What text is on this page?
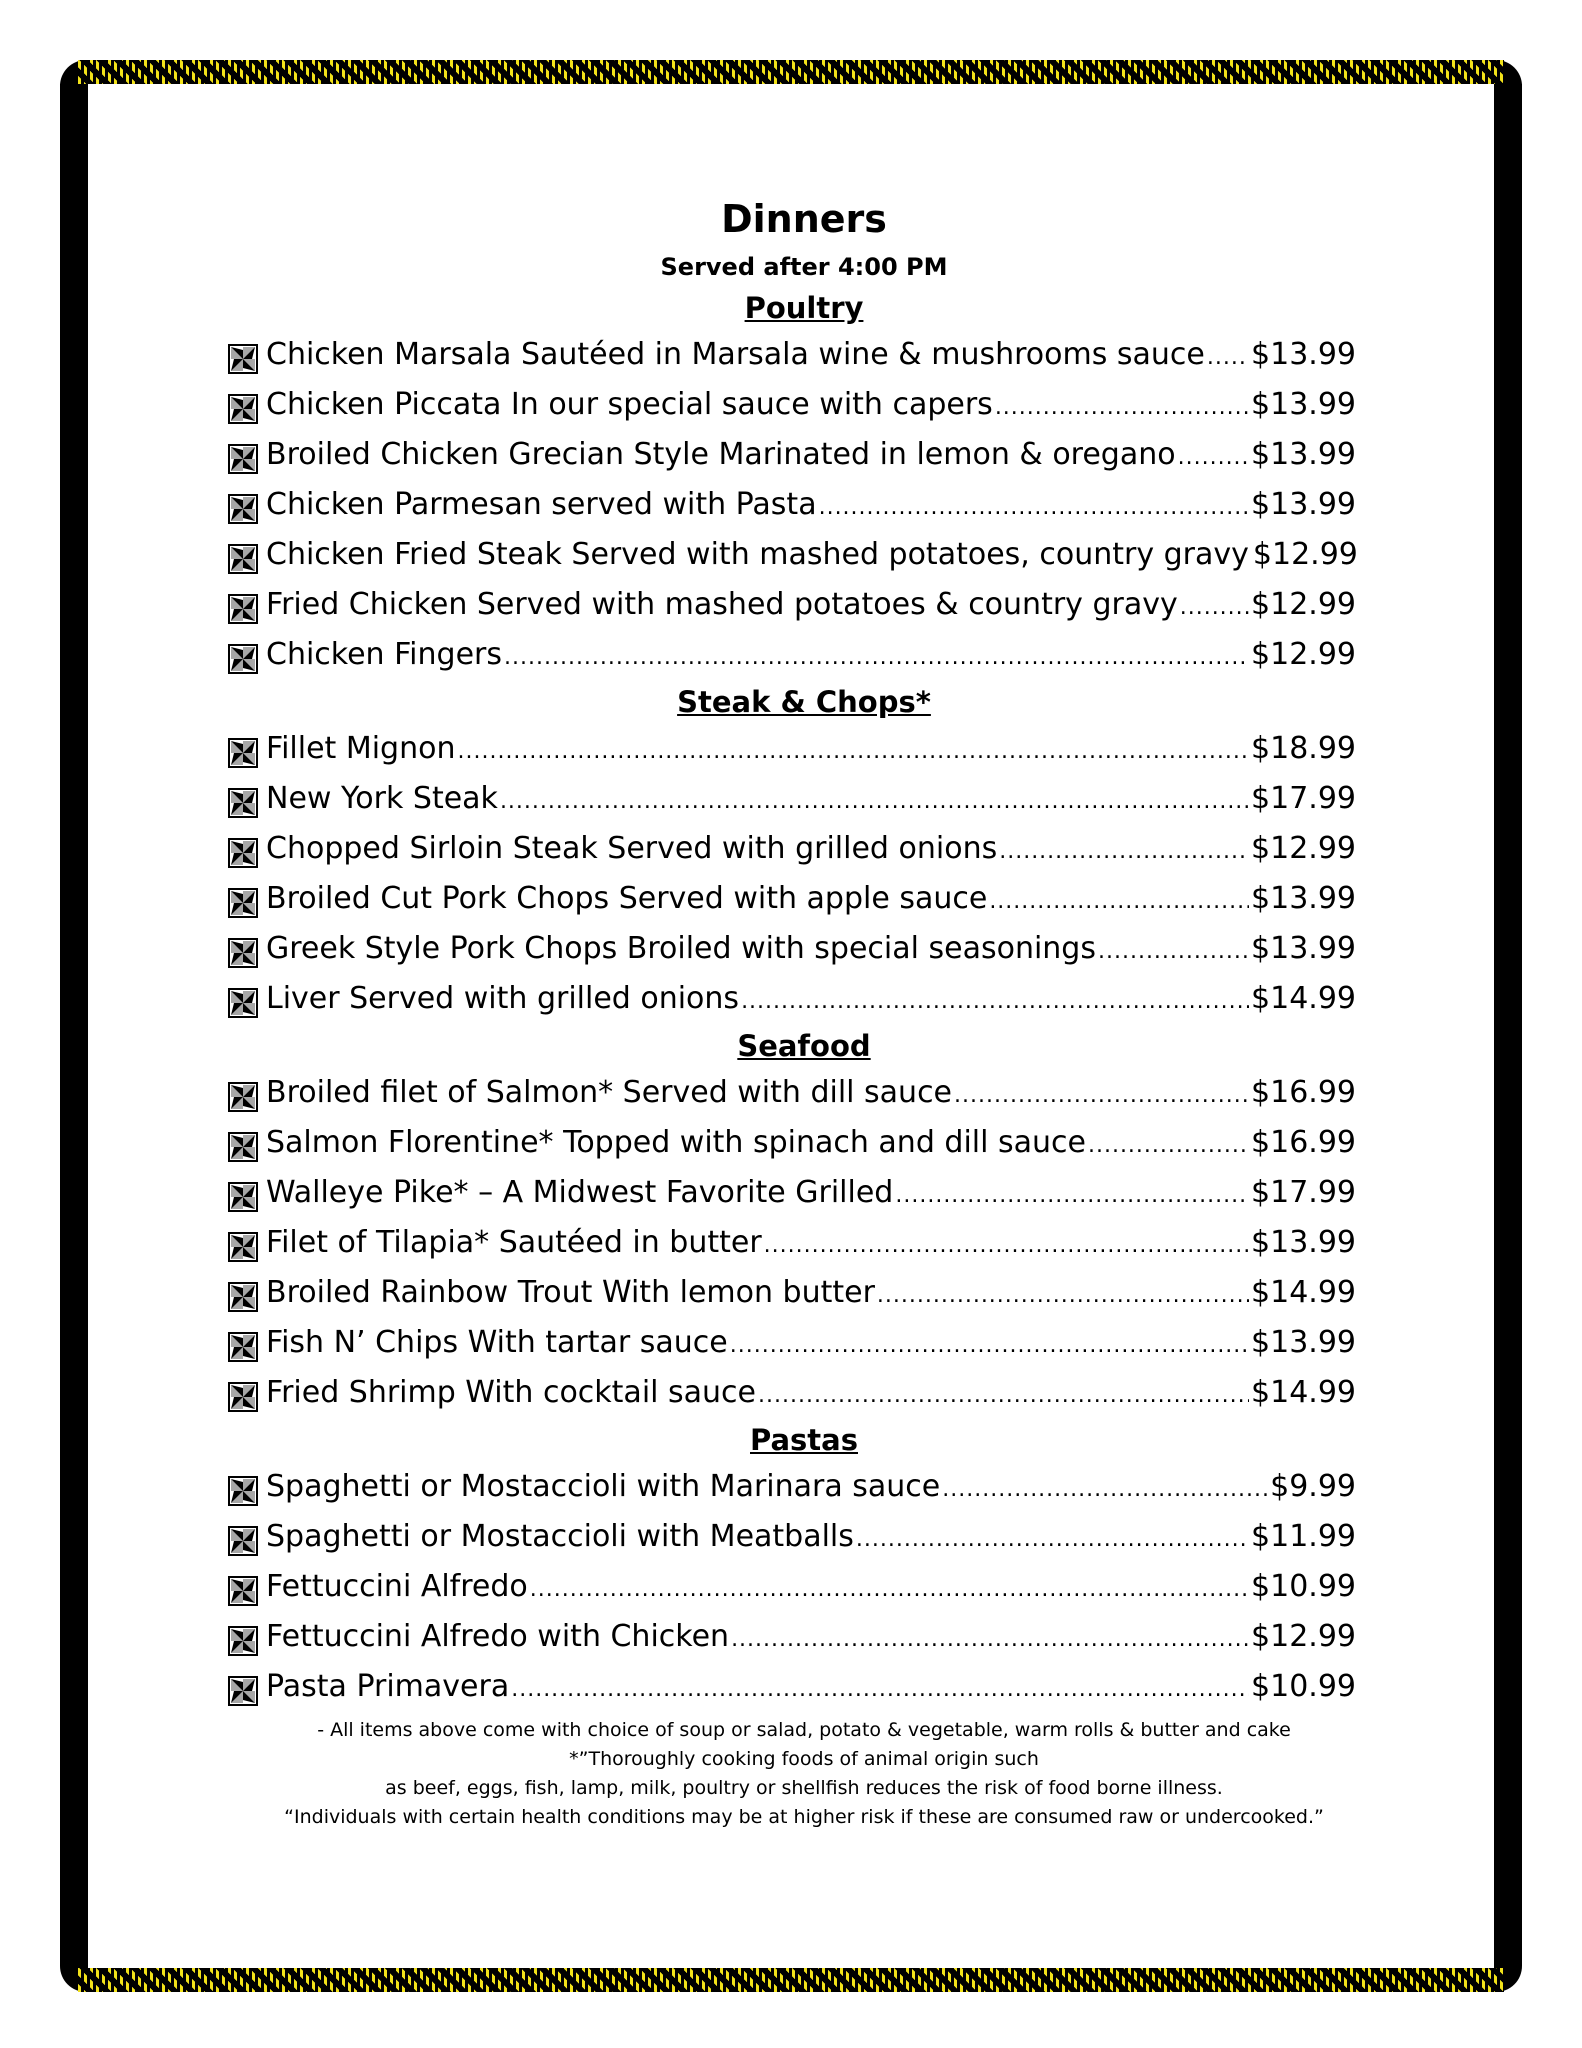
Dinners
Served after 4:00 PM
Poultry
Chicken Marsala Sautéed in Marsala wine & mushrooms sauce ..... $13.99
Chicken Piccata In our special sauce with capers .....	$13.99
Broiled Chicken Grecian Style Marinated in lemon & oregano .....	$13.99
Chicken Parmesan served with Pasta .....	$13.99
Chicken Fried Steak Served with mashed potatoes, country gravy $12.99
Fried Chicken Served with mashed potatoes & country gravy ..... $12.99
Chicken Fingers .....	$12.99
Steak & Chops*
Fillet Mignon .....	$18.99
New York Steak .....	$17.99
Chopped Sirloin Steak Served with grilled onions .....	$12.99
Broiled Cut Pork Chops Served with apple sauce .....	$13.99
Greek Style Pork Chops Broiled with special seasonings .....	$13.99
Liver Served with grilled onions .....	$14.99
Seafood
Broiled filet of Salmon* Served with dill sauce .....	$16.99
Salmon Florentine* Topped with spinach and dill sauce .....	$16.99
Walleye Pike* – A Midwest Favorite Grilled .....	$17.99
Filet of Tilapia* Sautéed in butter .....	$13.99
Broiled Rainbow Trout With lemon butter .....	$14.99
Fish N’ Chips With tartar sauce .....	$13.99
Fried Shrimp With cocktail sauce .....	$14.99
Pastas
Spaghetti or Mostaccioli with Marinara sauce .....	$9.99
Spaghetti or Mostaccioli with Meatballs .....	$11.99
Fettuccini Alfredo .....	$10.99
Fettuccini Alfredo with Chicken .....	$12.99
Pasta Primavera .....	$10.99
- All items above come with choice of soup or salad, potato & vegetable, warm rolls & butter and cake
*”Thoroughly cooking foods of animal origin such
as beef, eggs, fish, lamp, milk, poultry or shellfish reduces the risk of food borne illness.
“Individuals with certain health conditions may be at higher risk if these are consumed raw or undercooked.”
